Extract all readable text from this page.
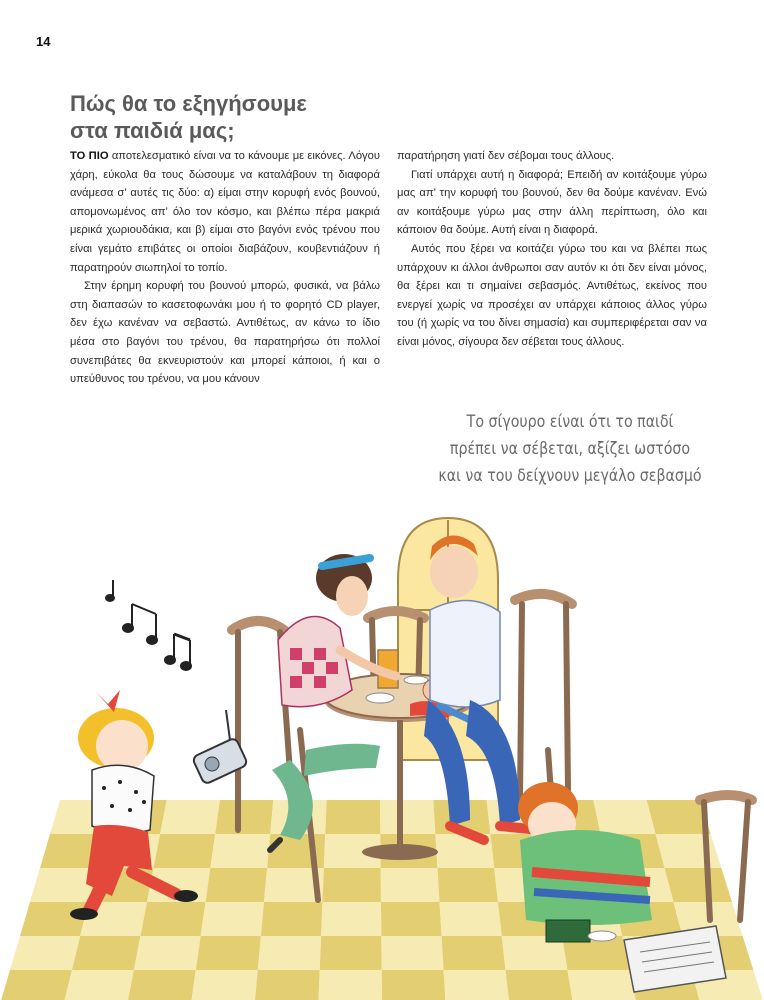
14
Πώς θα το εξηγήσουμε
στα παιδιά μας;

ΤΟ ΠΙΟ αποτελεσματικό είναι να το κάνουμε με εικόνες. Λόγου χάρη, εύκολα θα τους δώσουμε να καταλάβουν τη διαφορά ανάμεσα σ’ αυτές τις δύο: α) είμαι στην κορυφή ενός βουνού, απομονωμένος απ’ όλο τον κόσμο, και βλέπω πέρα μακριά μερικά χωριουδάκια, και β) είμαι στο βαγόνι ενός τρένου που είναι γεμάτο επιβάτες οι οποίοι διαβάζουν, κουβεντιάζουν ή παρατηρούν σιωπηλοί το τοπίο.

Στην έρημη κορυφή του βουνού μπορώ, φυσικά, να βάλω στη διαπασών το κασετοφωνάκι μου ή το φορητό CD player, δεν έχω κανέναν να σεβαστώ. Αντιθέτως, αν κάνω το ίδιο μέσα στο βαγόνι του τρένου, θα παρατηρήσω ότι πολλοί συνεπιβάτες θα εκνευριστούν και μπορεί κάποιοι, ή και ο υπεύθυνος του τρένου, να μου κάνουν

παρατήρηση γιατί δεν σέβομαι τους άλλους.

Γιατί υπάρχει αυτή η διαφορά; Επειδή αν κοιτάξουμε γύρω μας απ’ την κορυφή του βουνού, δεν θα δούμε κανέναν. Ενώ αν κοιτάξουμε γύρω μας στην άλλη περίπτωση, όλο και κάποιον θα δούμε. Αυτή είναι η διαφορά.

Αυτός που ξέρει να κοιτάζει γύρω του και να βλέπει πως υπάρχουν κι άλλοι άνθρωποι σαν αυτόν κι ότι δεν είναι μόνος, θα ξέρει και τι σημαίνει σεβασμός. Αντιθέτως, εκείνος που ενεργεί χωρίς να προσέχει αν υπάρχει κάποιος άλλος γύρω του (ή χωρίς να του δίνει σημασία) και συμπεριφέρεται σαν να είναι μόνος, σίγουρα δεν σέβεται τους άλλους.

Το σίγουρο είναι ότι το παιδί
πρέπει να σέβεται, αξίζει ωστόσο
και να του δείχνουν μεγάλο σεβασμό
